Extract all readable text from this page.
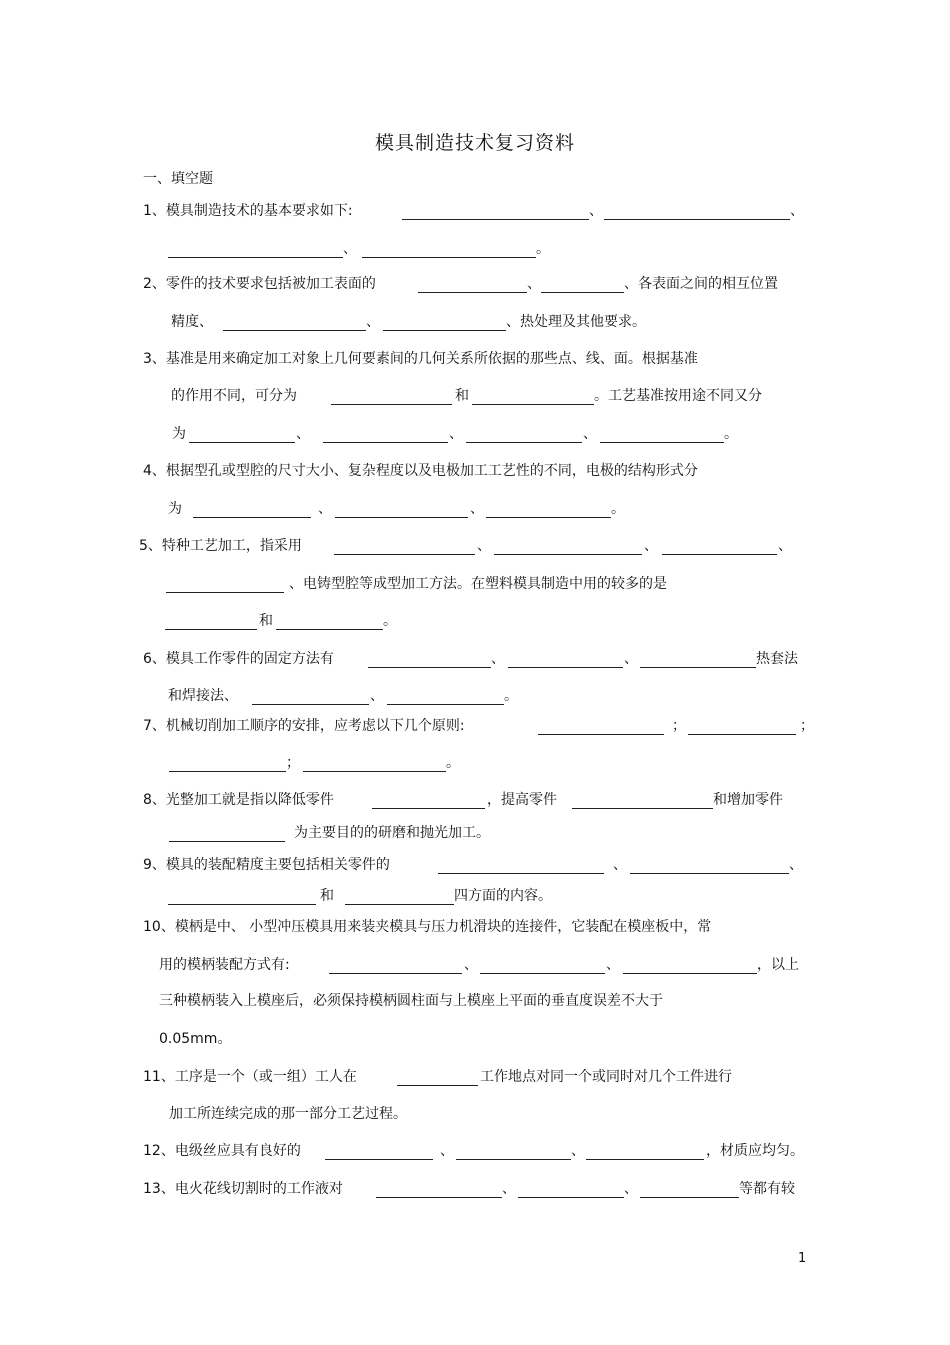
模具制造技术复习资料
一、填空题
1、模具制造技术的基本要求如下:	、	、
、	。
2、零件的技术要求包括被加工表面的	、	、各表面之间的相互位置
精度、	、	、热处理及其他要求。
3、基准是用来确定加工对象上几何要素间的几何关系所依据的那些点、线、面。根据基准
的作用不同，可分为	和	。工艺基准按用途不同又分
为	、	、	、	。
4、根据型孔或型腔的尺寸大小、复杂程度以及电极加工工艺性的不同，电极的结构形式分
为	、	、	。
5、特种工艺加工，指采用	、	、	、
、电铸型腔等成型加工方法。在塑料模具制造中用的较多的是
和	。
6、模具工作零件的固定方法有	、	、	热套法
和焊接法、	、	。
7、机械切削加工顺序的安排，应考虑以下几个原则:	；	；
；	。
8、光整加工就是指以降低零件	，提高零件	和增加零件
为主要目的的研磨和抛光加工。
9、模具的装配精度主要包括相关零件的	、	、
和	四方面的内容。
10、模柄是中、 小型冲压模具用来装夹模具与压力机滑块的连接件，它装配在模座板中，常
用的模柄装配方式有:	、	、	，以上
三种模柄装入上模座后，必须保持模柄圆柱面与上模座上平面的垂直度误差不大于
0.05mm。
11、工序是一个（或一组）工人在	工作地点对同一个或同时对几个工件进行
加工所连续完成的那一部分工艺过程。
12、电级丝应具有良好的	、	、	，材质应均匀。
13、电火花线切割时的工作液对	、	、	等都有较
1
